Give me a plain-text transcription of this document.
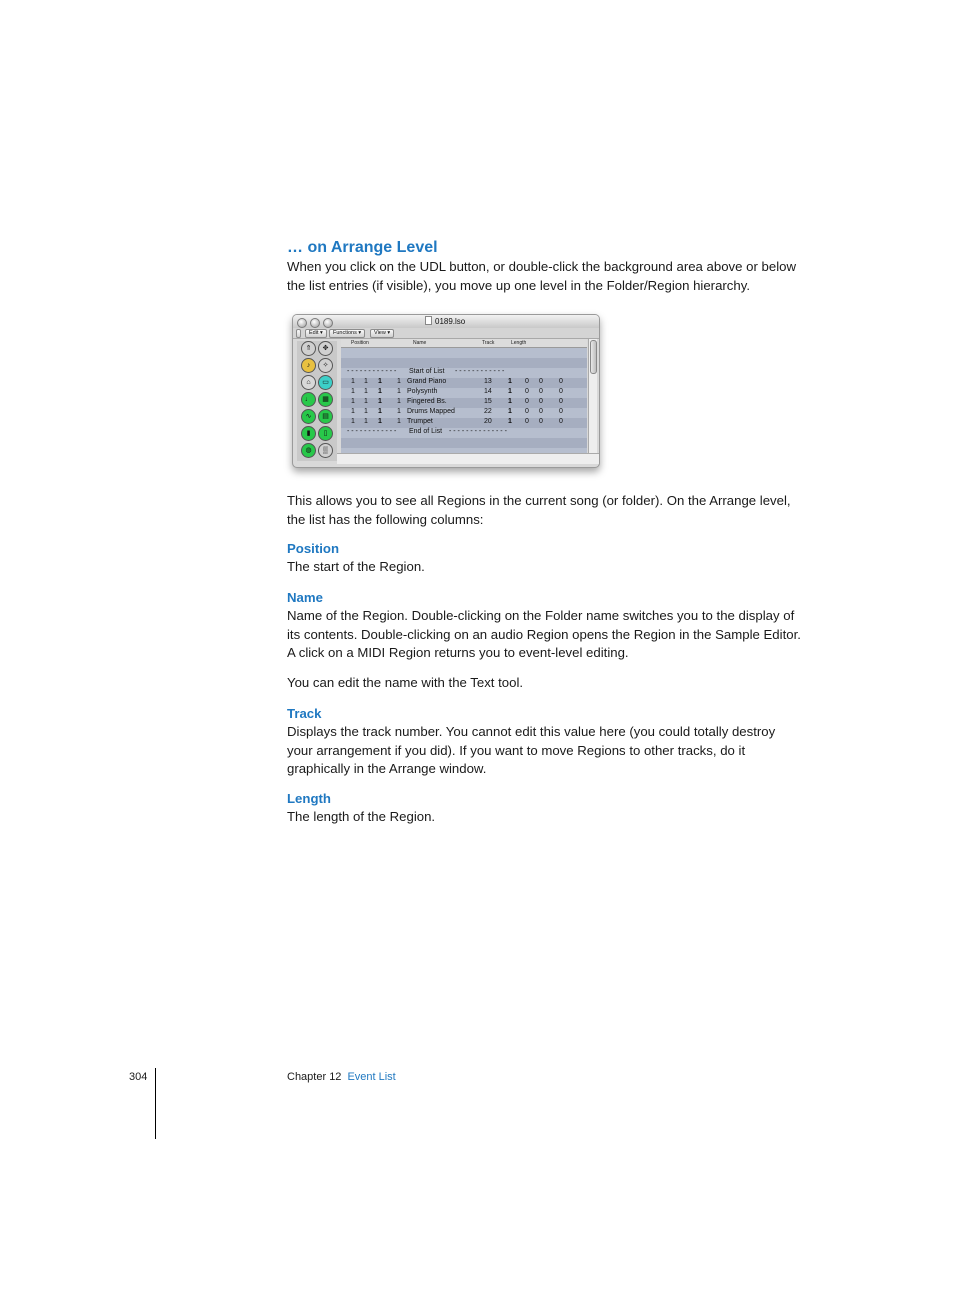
… on Arrange Level

When you click on the UDL button, or double-click the background area above or below the list entries (if visible), you move up one level in the Folder/Region hierarchy.

0189.lso
Edit ▾	Functions ▾	View ▾
⇑	✥
♪	✧
⌂	▭
♩	▦
∿	▤
▮	▯
◍	▒
Position	Name	Track	Length
- - - - - - - - - - - - Start of List - - - - - - - - - - - -
1 1 1 1 Grand Piano	13 1 0 0 0
1 1 1 1 Polysynth	14 1 0 0 0
1 1 1 1 Fingered Bs.	15 1 0 0 0
1 1 1 1 Drums Mapped	22 1 0 0 0
1 1 1 1 Trumpet	20 1 0 0 0
- - - - - - - - - - - - End of List - - - - - - - - - - - - - -

This allows you to see all Regions in the current song (or folder). On the Arrange level, the list has the following columns:

Position

The start of the Region.

Name

Name of the Region. Double-clicking on the Folder name switches you to the display of its contents. Double-clicking on an audio Region opens the Region in the Sample Editor. A click on a MIDI Region returns you to event-level editing.

You can edit the name with the Text tool.

Track

Displays the track number. You cannot edit this value here (you could totally destroy your arrangement if you did). If you want to move Regions to other tracks, do it graphically in the Arrange window.

Length

The length of the Region.

304	Chapter 12 Event List
